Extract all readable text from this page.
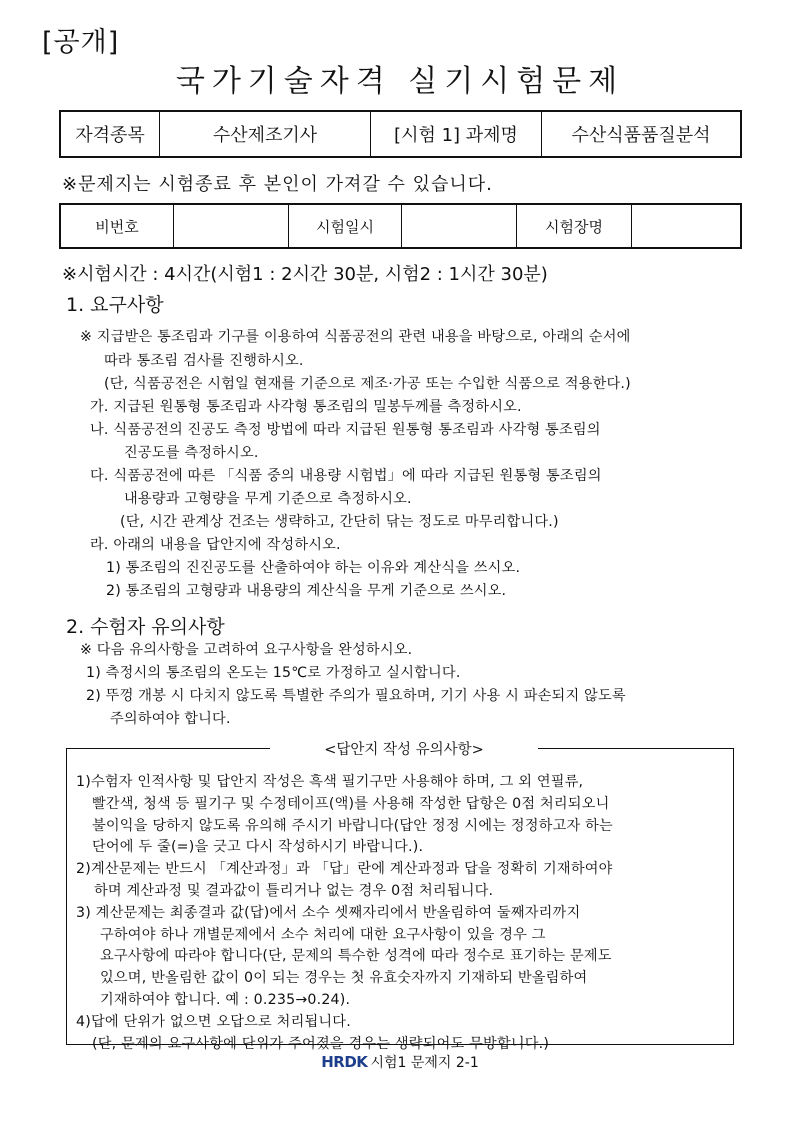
[공개]
국가기술자격 실기시험문제
자격종목	수산제조기사	[시험 1] 과제명	수산식품품질분석
※문제지는 시험종료 후 본인이 가져갈 수 있습니다.
비번호		시험일시		시험장명	
※시험시간 : 4시간(시험1 : 2시간 30분, 시험2 : 1시간 30분)
1. 요구사항
※ 지급받은 통조림과 기구를 이용하여 식품공전의 관련 내용을 바탕으로, 아래의 순서에
따라 통조림 검사를 진행하시오.
(단, 식품공전은 시험일 현재를 기준으로 제조·가공 또는 수입한 식품으로 적용한다.)
가. 지급된 원통형 통조림과 사각형 통조림의 밀봉두께를 측정하시오.
나. 식품공전의 진공도 측정 방법에 따라 지급된 원통형 통조림과 사각형 통조림의
진공도를 측정하시오.
다. 식품공전에 따른 「식품 중의 내용량 시험법」에 따라 지급된 원통형 통조림의
내용량과 고형량을 무게 기준으로 측정하시오.
(단, 시간 관계상 건조는 생략하고, 간단히 닦는 정도로 마무리합니다.)
라. 아래의 내용을 답안지에 작성하시오.
1) 통조림의 진진공도를 산출하여야 하는 이유와 계산식을 쓰시오.
2) 통조림의 고형량과 내용량의 계산식을 무게 기준으로 쓰시오.
2. 수험자 유의사항
※ 다음 유의사항을 고려하여 요구사항을 완성하시오.
1) 측정시의 통조림의 온도는 15℃로 가정하고 실시합니다.
2) 뚜껑 개봉 시 다치지 않도록 특별한 주의가 필요하며, 기기 사용 시 파손되지 않도록
주의하여야 합니다.
<답안지 작성 유의사항>
1)수험자 인적사항 및 답안지 작성은 흑색 필기구만 사용해야 하며, 그 외 연필류,
빨간색, 청색 등 필기구 및 수정테이프(액)를 사용해 작성한 답항은 0점 처리되오니
불이익을 당하지 않도록 유의해 주시기 바랍니다(답안 정정 시에는 정정하고자 하는
단어에 두 줄(=)을 긋고 다시 작성하시기 바랍니다.).
2)계산문제는 반드시 「계산과정」과 「답」란에 계산과정과 답을 정확히 기재하여야
하며 계산과정 및 결과값이 틀리거나 없는 경우 0점 처리됩니다.
3) 계산문제는 최종결과 값(답)에서 소수 셋째자리에서 반올림하여 둘째자리까지
구하여야 하나 개별문제에서 소수 처리에 대한 요구사항이 있을 경우 그
요구사항에 따라야 합니다(단, 문제의 특수한 성격에 따라 정수로 표기하는 문제도
있으며, 반올림한 값이 0이 되는 경우는 첫 유효숫자까지 기재하되 반올림하여
기재하여야 합니다. 예 : 0.235→0.24).
4)답에 단위가 없으면 오답으로 처리됩니다.
HRDK 시험1 문제지 2-1
(단, 문제의 요구사항에 단위가 주어졌을 경우는 생략되어도 무방합니다.)
